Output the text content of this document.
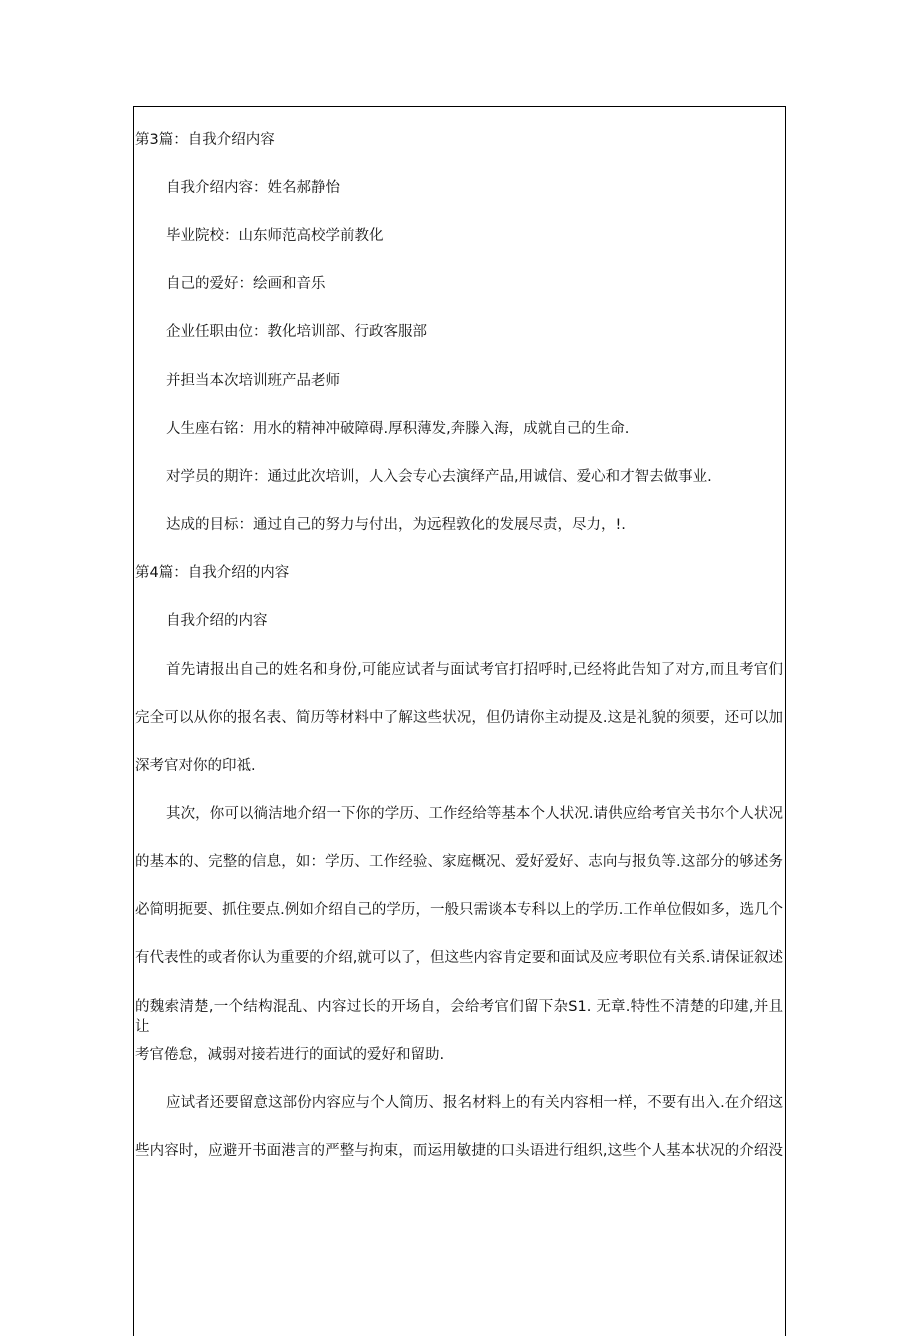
第3篇：自我介绍内容
自我介绍内容：姓名郝静怡
毕业院校：山东师范高校学前教化
自己的爱好：绘画和音乐
企业任职由位：教化培训部、行政客服部
并担当本次培训班产品老师
人生座右铭：用水的精神冲破障碍.厚积薄发,奔滕入海，成就自己的生命.
对学员的期许：通过此次培训，人入会专心去演绎产品,用诚信、爱心和才智去做事业.
达成的目标：通过自己的努力与付出，为远程敦化的发展尽责，尽力，!.
第4篇：自我介绍的内容
自我介绍的内容
首先请报出自己的姓名和身份,可能应试者与面试考官打招呼时,已经将此告知了对方,而且考官们
完全可以从你的报名表、简历等材料中了解这些状况，但仍请你主动提及.这是礼貌的须要，还可以加
深考官对你的印祗.
其次，你可以徜洁地介绍一下你的学历、工作经给等基本个人状况.请供应给考官关书尔个人状况
的基本的、完整的信息，如：学历、工作经验、家庭概况、爱好爱好、志向与报负等.这部分的够述务
必简明扼要、抓住要点.例如介绍自己的学历，一般只需谈本专科以上的学历.工作单位假如多，选几个
有代表性的或者你认为重要的介绍,就可以了，但这些内容肯定要和面试及应考职位有关系.请保证叙述
的魏索清楚,一个结构混乱、内容过长的开场自，会给考官们留下杂S1. 无章.特性不清楚的印建,并且让
考官倦怠，减弱对接若进行的面试的爱好和留助.
应试者还要留意这部份内容应与个人简历、报名材料上的有关内容相一样，不要有出入.在介绍这
些内容时，应避开书面港言的严整与拘束，而运用敏捷的口头语进行组织,这些个人基本状况的介绍没
